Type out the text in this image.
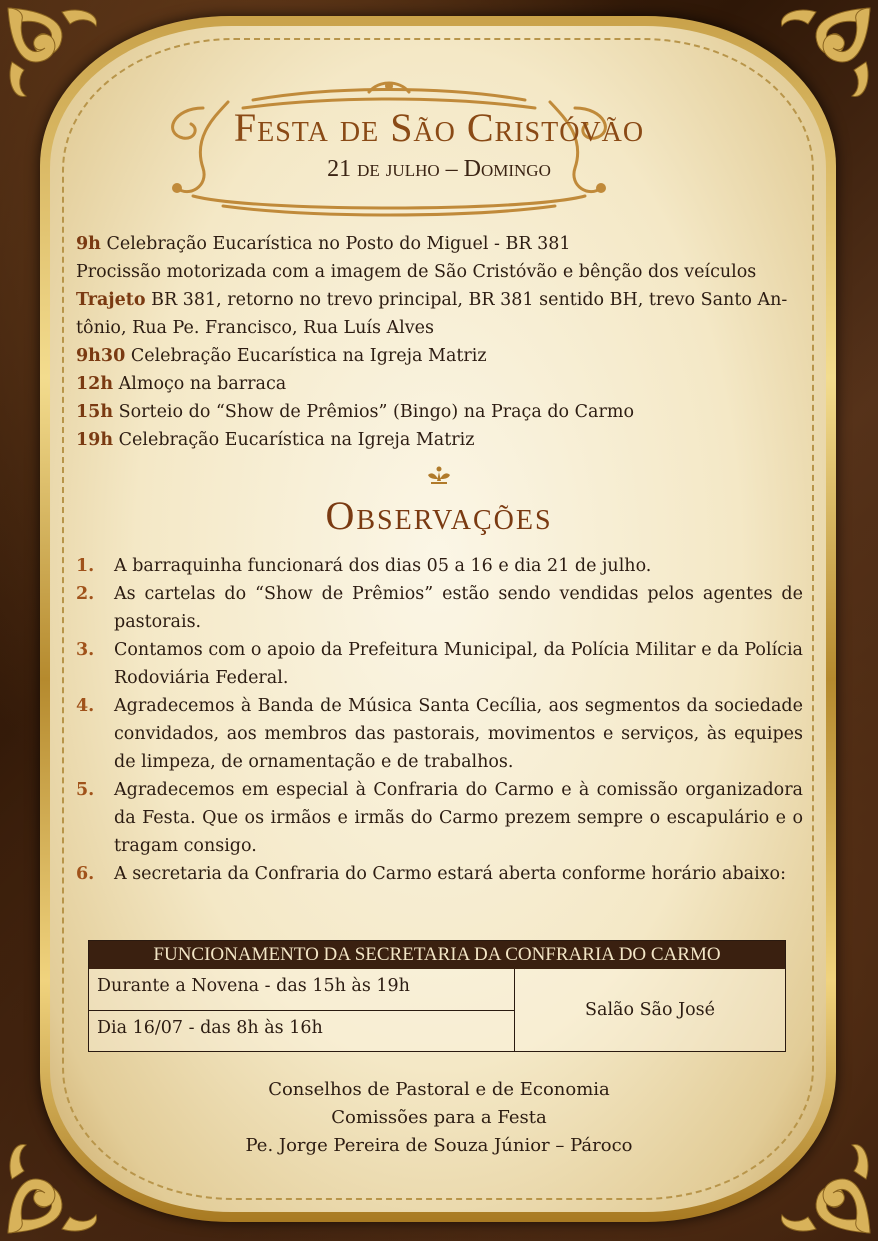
Festa de São Cristóvão
21 de julho – Domingo
9h Celebração Eucarística no Posto do Miguel - BR 381
Procissão motorizada com a imagem de São Cristóvão e bênção dos veículos
Trajeto BR 381, retorno no trevo principal, BR 381 sentido BH, trevo Santo An-tônio, Rua Pe. Francisco, Rua Luís Alves
9h30 Celebração Eucarística na Igreja Matriz
12h Almoço na barraca
15h Sorteio do “Show de Prêmios” (Bingo) na Praça do Carmo
19h Celebração Eucarística na Igreja Matriz
Observações
1. A barraquinha funcionará dos dias 05 a 16 e dia 21 de julho.
2. As cartelas do “Show de Prêmios” estão sendo vendidas pelos agentes de pastorais.
3. Contamos com o apoio da Prefeitura Municipal, da Polícia Militar e da Polícia Rodoviária Federal.
4. Agradecemos à Banda de Música Santa Cecília, aos segmentos da sociedade convidados, aos membros das pastorais, movimentos e serviços, às equipes de limpeza, de ornamentação e de trabalhos.
5. Agradecemos em especial à Confraria do Carmo e à comissão organizadora da Festa. Que os irmãos e irmãs do Carmo prezem sempre o escapulário e o tragam consigo.
6. A secretaria da Confraria do Carmo estará aberta conforme horário abaixo:
FUNCIONAMENTO DA SECRETARIA DA CONFRARIA DO CARMO
Durante a Novena - das 15h às 19h
Dia 16/07 - das 8h às 16h
Salão São José
Conselhos de Pastoral e de Economia
Comissões para a Festa
Pe. Jorge Pereira de Souza Júnior – Pároco
